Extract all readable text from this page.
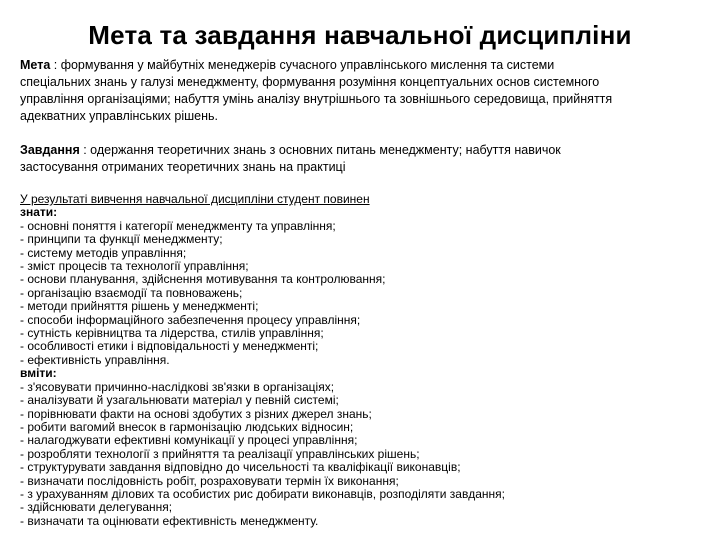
Мета та завдання навчальної дисципліни
Мета : формування у майбутніх менеджерів сучасного управлінського мислення та системи
спеціальних знань у галузі менеджменту, формування розуміння концептуальних основ системного
управління організаціями; набуття умінь аналізу внутрішнього та зовнішнього середовища, прийняття
адекватних управлінських рішень.
Завдання : одержання теоретичних знань з основних питань менеджменту; набуття навичок
застосування отриманих теоретичних знань на практиці
У результаті вивчення навчальної дисципліни студент повинен
знати:
- основні поняття і категорії менеджменту та управління;
- принципи та функції менеджменту;
- систему методів управління;
- зміст процесів та технології управління;
- основи планування, здійснення мотивування та контролювання;
- організацію взаємодії та повноважень;
- методи прийняття рішень у менеджменті;
- способи інформаційного забезпечення процесу управління;
- сутність керівництва та лідерства, стилів управління;
- особливості етики і відповідальності у менеджменті;
- ефективність управління.
вміти:
- з'ясовувати причинно-наслідкові зв'язки в організаціях;
- аналізувати й узагальнювати матеріал у певній системі;
- порівнювати факти на основі здобутих з різних джерел знань;
- робити вагомий внесок в гармонізацію людських відносин;
- налагоджувати ефективні комунікації у процесі управління;
- розробляти технології з прийняття та реалізації управлінських рішень;
- структурувати завдання відповідно до чисельності та кваліфікації виконавців;
- визначати послідовність робіт, розраховувати термін їх виконання;
- з урахуванням ділових та особистих рис добирати виконавців, розподіляти завдання;
- здійснювати делегування;
- визначати та оцінювати ефективність менеджменту.
